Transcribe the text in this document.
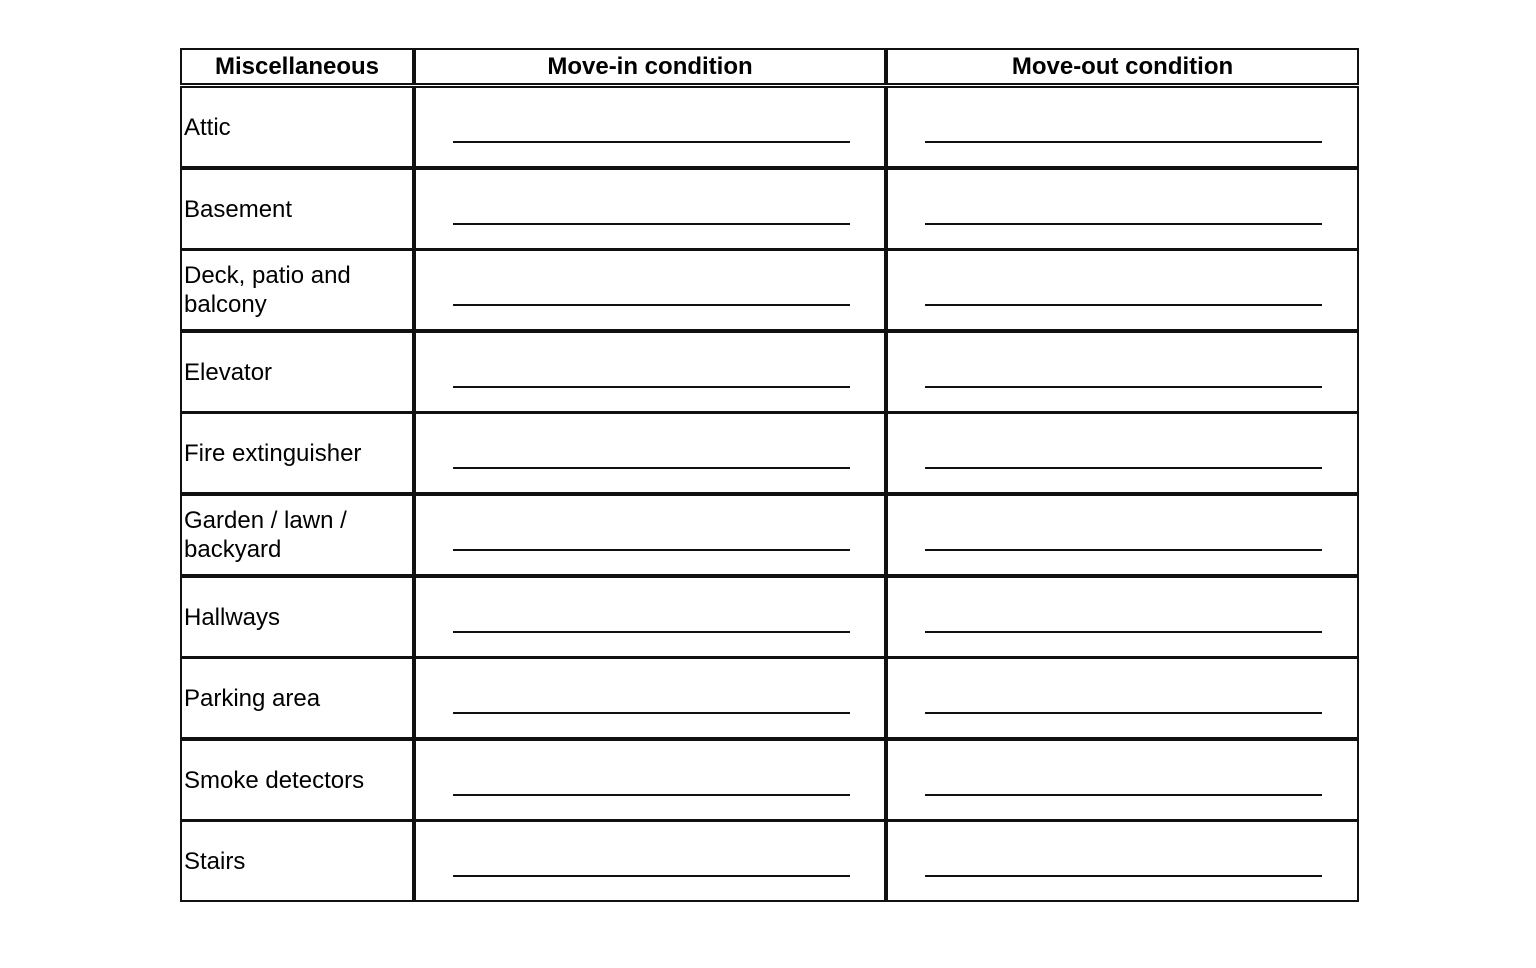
Miscellaneous	Move-in condition	Move-out condition
Attic
Basement
Deck, patio and balcony
Elevator
Fire extinguisher
Garden / lawn / backyard
Hallways
Parking area
Smoke detectors
Stairs
